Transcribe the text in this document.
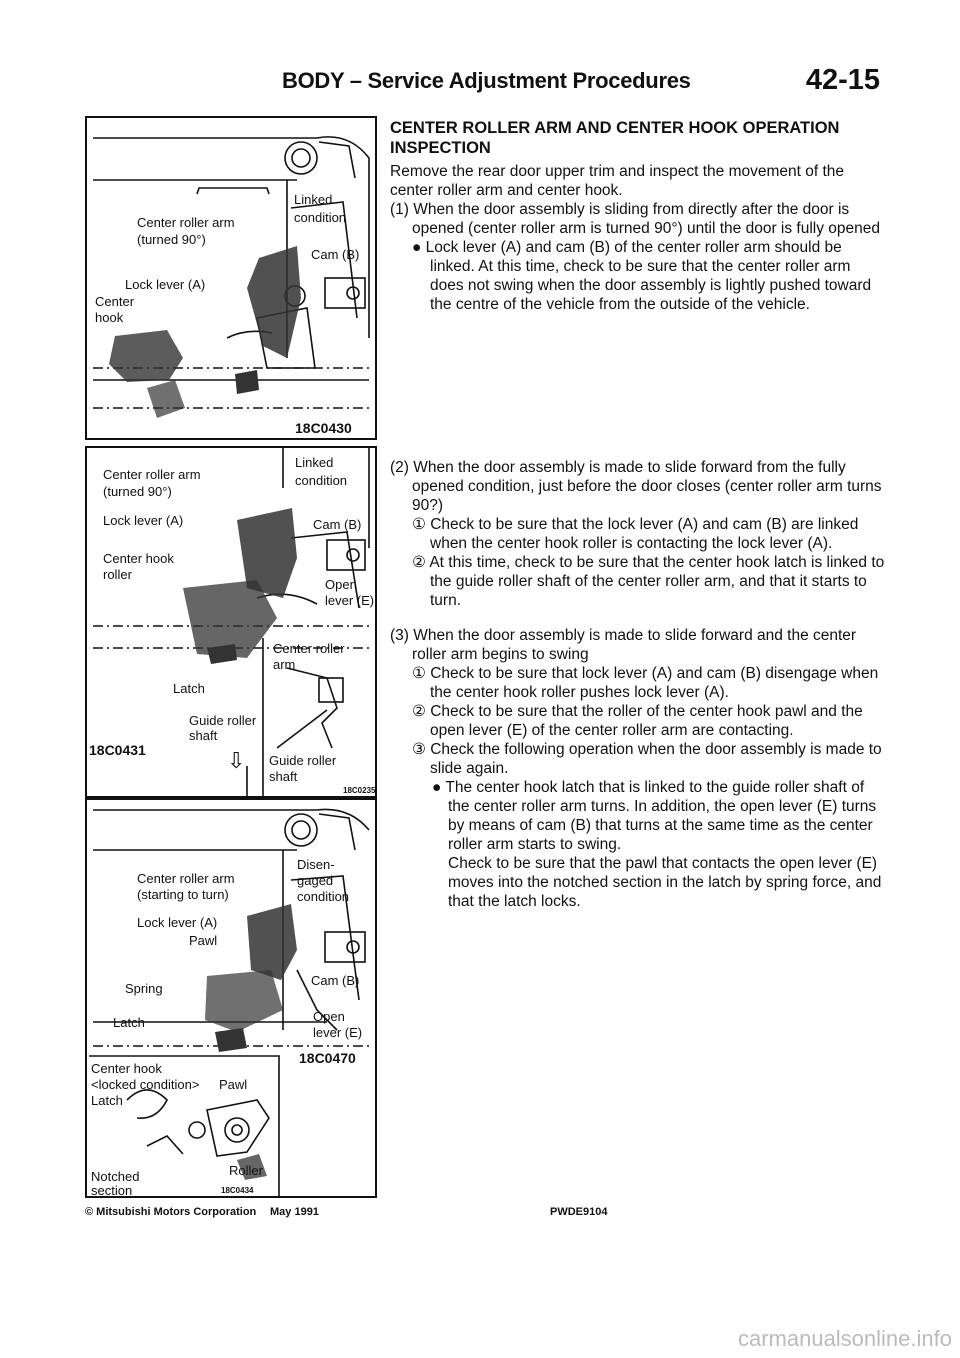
BODY – Service Adjustment Procedures	42-15
Linked
condition
Center roller arm
(turned 90°)
Cam (B)
Lock lever (A)
Center
hook
18C0430
Center roller arm
(turned 90°)
Linked
condition
Lock lever (A)	Cam (B)
Center hook
roller
Open
lever (E)
Latch
Guide roller
shaft
18C0431
Center roller
arm
Guide roller
shaft
⇩
18C0235
Disen-
gaged
condition
Center roller arm
(starting to turn)
Lock lever (A)
Pawl
Spring
Cam (B)
Latch	Open
lever (E)
18C0470
Center hook
<locked condition> Pawl
Latch
Roller
Notched
section	18C0434

CENTER ROLLER ARM AND CENTER HOOK OPERATION

INSPECTION

Remove the rear door upper trim and inspect the movement of the center roller arm and center hook.

(1) When the door assembly is sliding from directly after the door is opened (center roller arm is turned 90°) until the door is fully opened

● Lock lever (A) and cam (B) of the center roller arm should be linked. At this time, check to be sure that the center roller arm does not swing when the door assembly is lightly pushed toward the centre of the vehicle from the outside of the vehicle.

(2) When the door assembly is made to slide forward from the fully opened condition, just before the door closes (center roller arm turns 90?)

① Check to be sure that the lock lever (A) and cam (B) are linked when the center hook roller is contacting the lock lever (A).

② At this time, check to be sure that the center hook latch is linked to the guide roller shaft of the center roller arm, and that it starts to turn.

(3) When the door assembly is made to slide forward and the center roller arm begins to swing

① Check to be sure that lock lever (A) and cam (B) disengage when the center hook roller pushes lock lever (A).

② Check to be sure that the roller of the center hook pawl and the open lever (E) of the center roller arm are contacting.

③ Check the following operation when the door assembly is made to slide again.

● The center hook latch that is linked to the guide roller shaft of the center roller arm turns. In addition, the open lever (E) turns by means of cam (B) that turns at the same time as the center roller arm starts to swing.

Check to be sure that the pawl that contacts the open lever (E) moves into the notched section in the latch by spring force, and that the latch locks.

© Mitsubishi Motors Corporation May 1991	PWDE9104
carmanualsonline.info
